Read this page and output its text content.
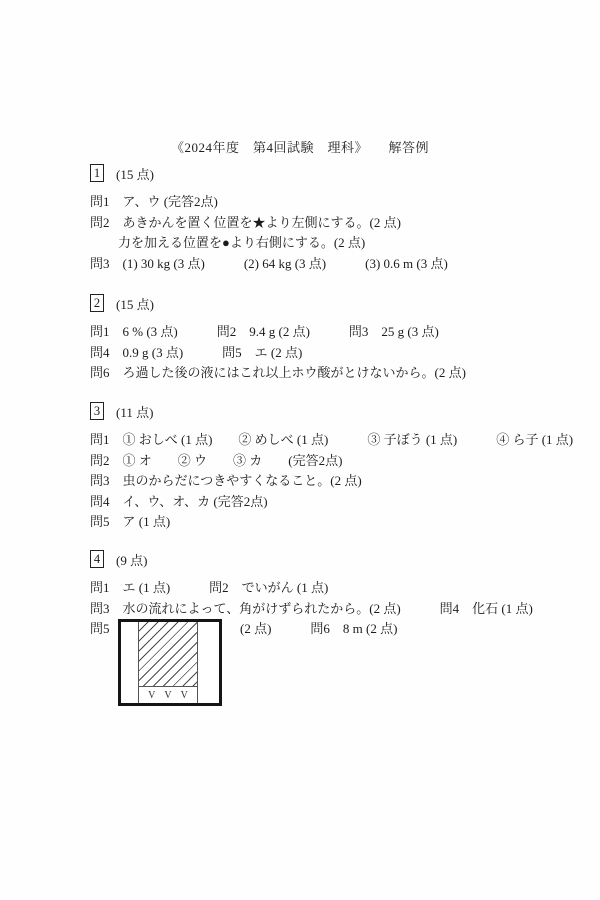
《2024年度　第4回試験　理科》　　解答例
1 (15 点)
問1　ア、ウ (完答2点)
問2　あきかんを置く位置を★より左側にする。(2 点)
力を加える位置を●より右側にする。(2 点)
問3　(1) 30 kg (3 点)　　　(2) 64 kg (3 点)　　　(3) 0.6 m (3 点)
2 (15 点)
問1　6 % (3 点)　　　問2　9.4 g (2 点)　　　問3　25 g (3 点)
問4　0.9 g (3 点)　　　問5　エ (2 点)
問6　ろ過した後の液にはこれ以上ホウ酸がとけないから。(2 点)
3 (11 点)
問1　① おしべ (1 点)　　② めしべ (1 点)　　　③ 子ぼう (1 点)　　　④ ら子 (1 点)
問2　① オ　　② ウ　　③ カ　　(完答2点)
問3　虫のからだにつきやすくなること。(2 点)
問4　イ、ウ、オ、カ (完答2点)
問5　ア (1 点)
4 (9 点)
問1　エ (1 点)　　　問2　でいがん (1 点)
問3　水の流れによって、角がけずられたから。(2 点)　　　問4　化石 (1 点)
問5
V V V
(2 点)　　　問6　8 m (2 点)
